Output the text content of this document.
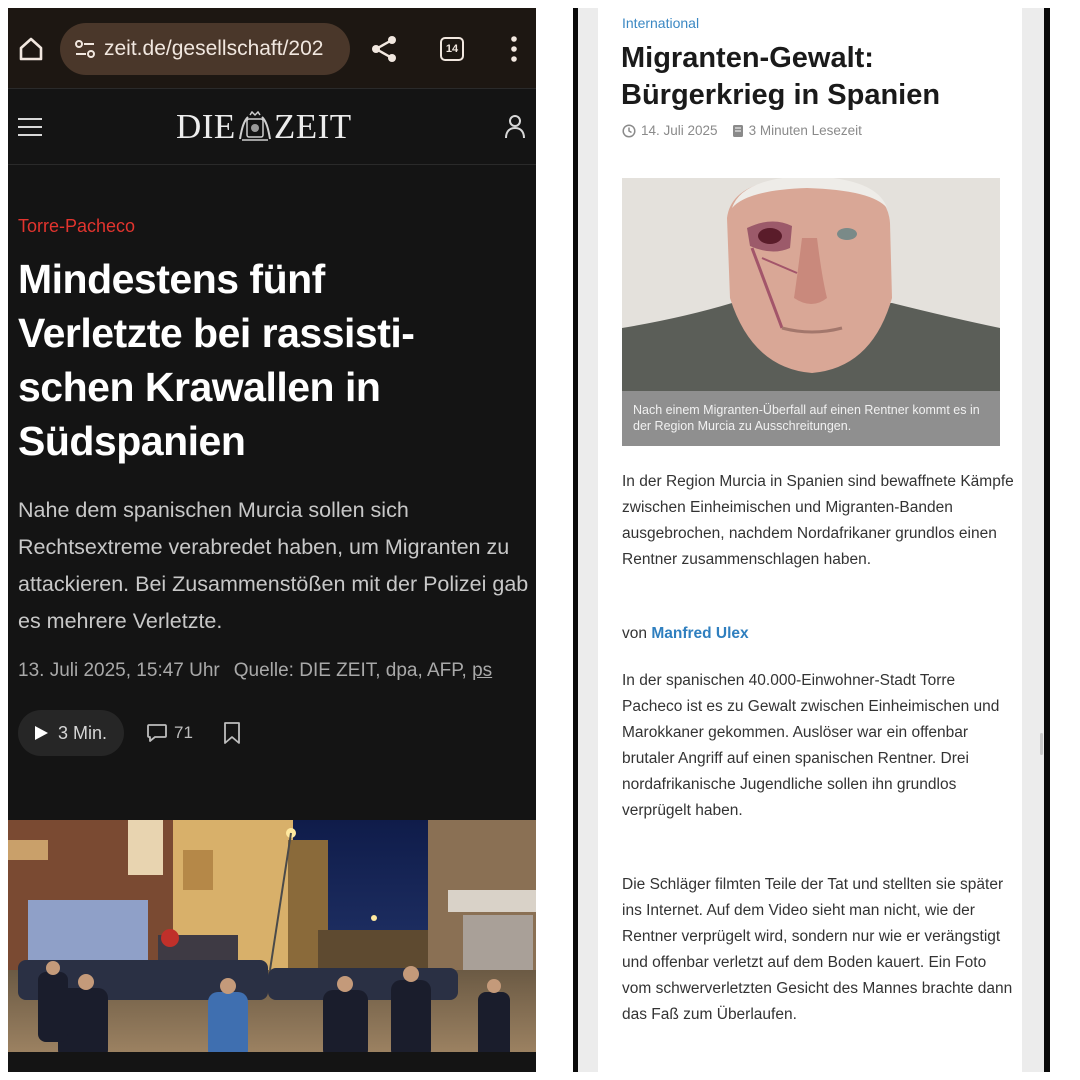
zeit.de/gesellschaft/202	14
DIE ZEIT
Torre-Pacheco
Mindestens fünf
Verletzte bei rassisti-
schen Krawallen in
Südspanien

Nahe dem spanischen Murcia sollen sich Rechtsextreme verabredet haben, um Migranten zu attackieren. Bei Zusammenstößen mit der Polizei gab es mehrere Verletzte.

13. Juli 2025, 15:47 Uhr Quelle: DIE ZEIT, dpa, AFP, ps
3 Min.	71
International
Migranten-Gewalt:
Bürgerkrieg in Spanien
14. Juli 2025 3 Minuten Lesezeit
Nach einem Migranten-Überfall auf einen Rentner kommt es in der Region Murcia zu Ausschreitungen.

In der Region Murcia in Spanien sind bewaffnete Kämpfe zwischen Einheimischen und Migranten-Banden ausgebrochen, nachdem Nordafrikaner grundlos einen Rentner zusammenschlagen haben.

von Manfred Ulex

In der spanischen 40.000-Einwohner-Stadt Torre Pacheco ist es zu Gewalt zwischen Einheimischen und Marokkaner gekommen. Auslöser war ein offenbar brutaler Angriff auf einen spanischen Rentner. Drei nordafrikanische Jugendliche sollen ihn grundlos verprügelt haben.

Die Schläger filmten Teile der Tat und stellten sie später ins Internet. Auf dem Video sieht man nicht, wie der Rentner verprügelt wird, sondern nur wie er verängstigt und offenbar verletzt auf dem Boden kauert. Ein Foto vom schwerverletzten Gesicht des Mannes brachte dann das Faß zum Überlaufen.
